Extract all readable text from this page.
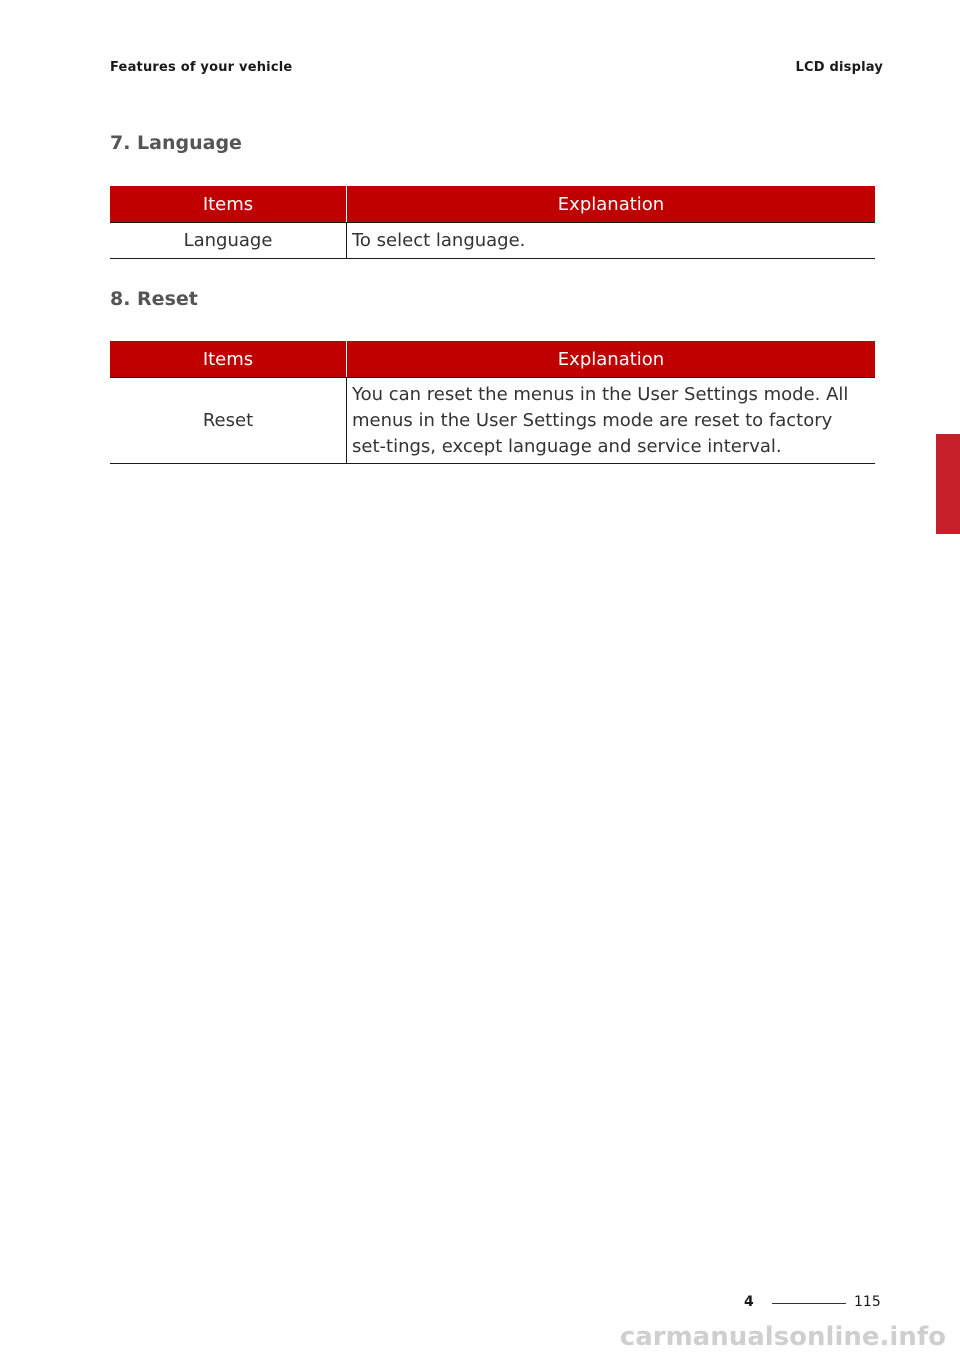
Features of your vehicle	LCD display
7. Language
Items	Explanation
Language	To select language.
8. Reset
Items	Explanation
Reset	You can reset the menus in the User Settings mode. All menus in the User Settings mode are reset to factory set-tings, except language and service interval.
4
4	115
carmanualsonline.info
